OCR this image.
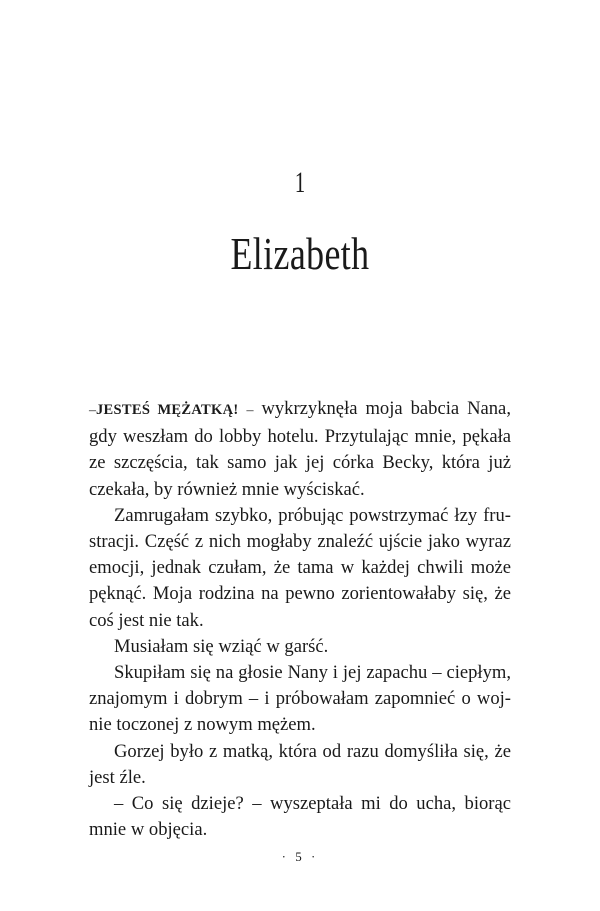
1
Elizabeth

–JESTEŚ MĘŻATKĄ! – wykrzyknęła moja babcia Nana, gdy weszłam do lobby hotelu. Przytulając mnie, pękała ze szczęścia, tak samo jak jej córka Becky, która już czekała, by również mnie wyściskać.

Zamrugałam szybko, próbując powstrzymać łzy frustracji. Część z nich mogłaby znaleźć ujście jako wyraz emocji, jednak czułam, że tama w każdej chwili może pęknąć. Moja rodzina na pewno zorientowałaby się, że coś jest nie tak.

Musiałam się wziąć w garść.

Skupiłam się na głosie Nany i jej zapachu – ciepłym, znajomym i dobrym – i próbowałam zapomnieć o wojnie toczonej z nowym mężem.

Gorzej było z matką, która od razu domyśliła się, że jest źle.

– Co się dzieje? – wyszeptała mi do ucha, biorąc mnie w objęcia.

· 5 ·
